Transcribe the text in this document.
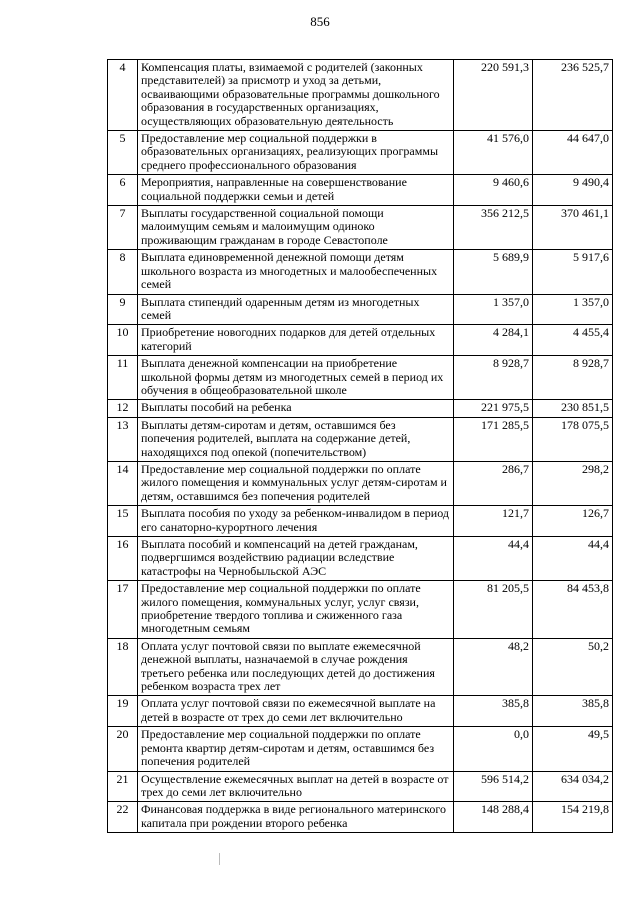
856
4	Компенсация платы, взимаемой с родителей (законных представителей) за присмотр и уход за детьми, осваивающими образовательные программы дошкольного образования в государственных организациях, осуществляющих образовательную деятельность	220 591,3	236 525,7
5	Предоставление мер социальной поддержки в образовательных организациях, реализующих программы среднего профессионального образования	41 576,0	44 647,0
6	Мероприятия, направленные на совершенствование социальной поддержки семьи и детей	9 460,6	9 490,4
7	Выплаты государственной социальной помощи малоимущим семьям и малоимущим одиноко проживающим гражданам в городе Севастополе	356 212,5	370 461,1
8	Выплата единовременной денежной помощи детям школьного возраста из многодетных и малообеспеченных семей	5 689,9	5 917,6
9	Выплата стипендий одаренным детям из многодетных семей	1 357,0	1 357,0
10	Приобретение новогодних подарков для детей отдельных категорий	4 284,1	4 455,4
11	Выплата денежной компенсации на приобретение школьной формы детям из многодетных семей в период их обучения в общеобразовательной школе	8 928,7	8 928,7
12	Выплаты пособий на ребенка	221 975,5	230 851,5
13	Выплаты детям-сиротам и детям, оставшимся без попечения родителей, выплата на содержание детей, находящихся под опекой (попечительством)	171 285,5	178 075,5
14	Предоставление мер социальной поддержки по оплате жилого помещения и коммунальных услуг детям-сиротам и детям, оставшимся без попечения родителей	286,7	298,2
15	Выплата пособия по уходу за ребенком-инвалидом в период его санаторно-курортного лечения	121,7	126,7
16	Выплата пособий и компенсаций на детей гражданам, подвергшимся воздействию радиации вследствие катастрофы на Чернобыльской АЭС	44,4	44,4
17	Предоставление мер социальной поддержки по оплате жилого помещения, коммунальных услуг, услуг связи, приобретение твердого топлива и сжиженного газа многодетным семьям	81 205,5	84 453,8
18	Оплата услуг почтовой связи по выплате ежемесячной денежной выплаты, назначаемой в случае рождения третьего ребенка или последующих детей до достижения ребенком возраста трех лет	48,2	50,2
19	Оплата услуг почтовой связи по ежемесячной выплате на детей в возрасте от трех до семи лет включительно	385,8	385,8
20	Предоставление мер социальной поддержки по оплате ремонта квартир детям-сиротам и детям, оставшимся без попечения родителей	0,0	49,5
21	Осуществление ежемесячных выплат на детей в возрасте от трех до семи лет включительно	596 514,2	634 034,2
22	Финансовая поддержка в виде регионального материнского капитала при рождении второго ребенка	148 288,4	154 219,8
